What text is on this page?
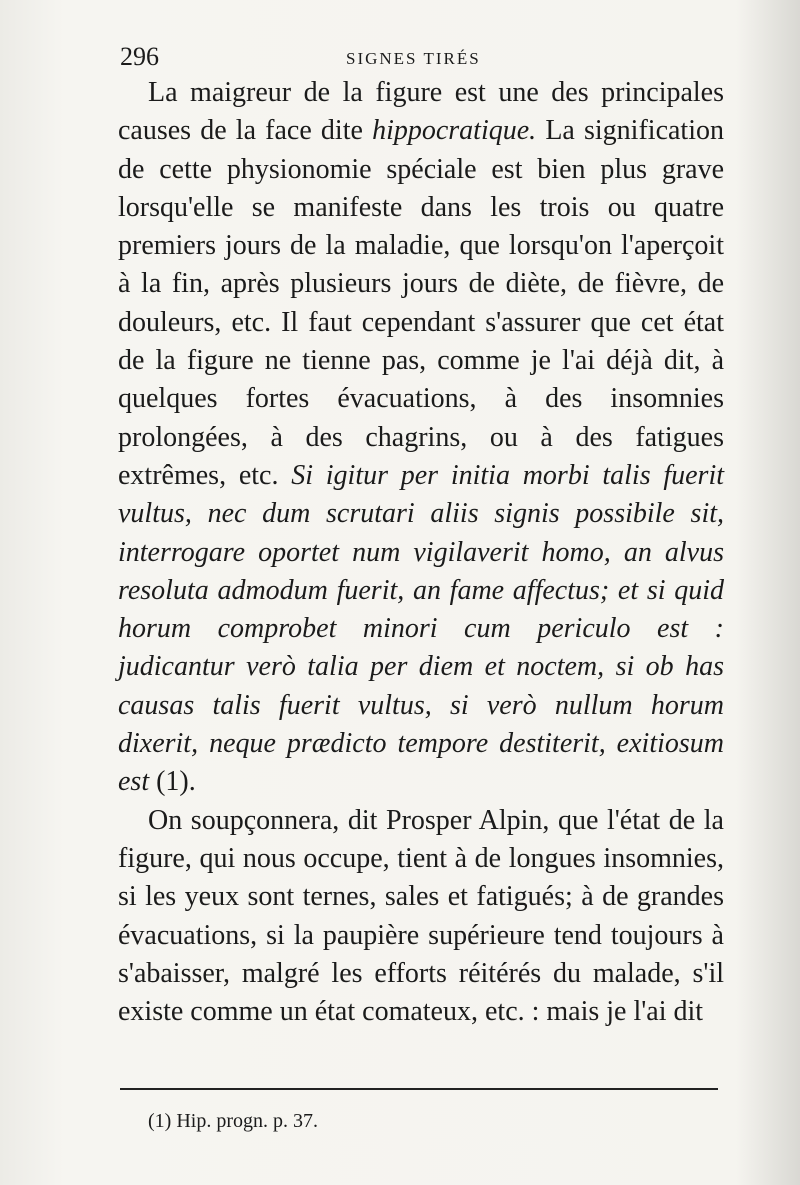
296	SIGNES TIRÉS

La maigreur de la figure est une des principales causes de la face dite hippocratique. La signification de cette physionomie spéciale est bien plus grave lorsqu'elle se manifeste dans les trois ou quatre premiers jours de la maladie, que lorsqu'on l'aperçoit à la fin, après plusieurs jours de diète, de fièvre, de douleurs, etc. Il faut cependant s'assurer que cet état de la figure ne tienne pas, comme je l'ai déjà dit, à quelques fortes évacuations, à des insomnies prolongées, à des chagrins, ou à des fatigues extrêmes, etc. Si igitur per initia morbi talis fuerit vultus, nec dum scrutari aliis signis possibile sit, interrogare oportet num vigilaverit homo, an alvus resoluta admodum fuerit, an fame affectus; et si quid horum comprobet minori cum periculo est : judicantur verò talia per diem et noctem, si ob has causas talis fuerit vultus, si verò nullum horum dixerit, neque prædicto tempore destiterit, exitiosum est (1).

On soupçonnera, dit Prosper Alpin, que l'état de la figure, qui nous occupe, tient à de longues insomnies, si les yeux sont ternes, sales et fatigués; à de grandes évacuations, si la paupière supérieure tend toujours à s'abaisser, malgré les efforts réitérés du malade, s'il existe comme un état comateux, etc. : mais je l'ai dit

(1) Hip. progn. p. 37.
